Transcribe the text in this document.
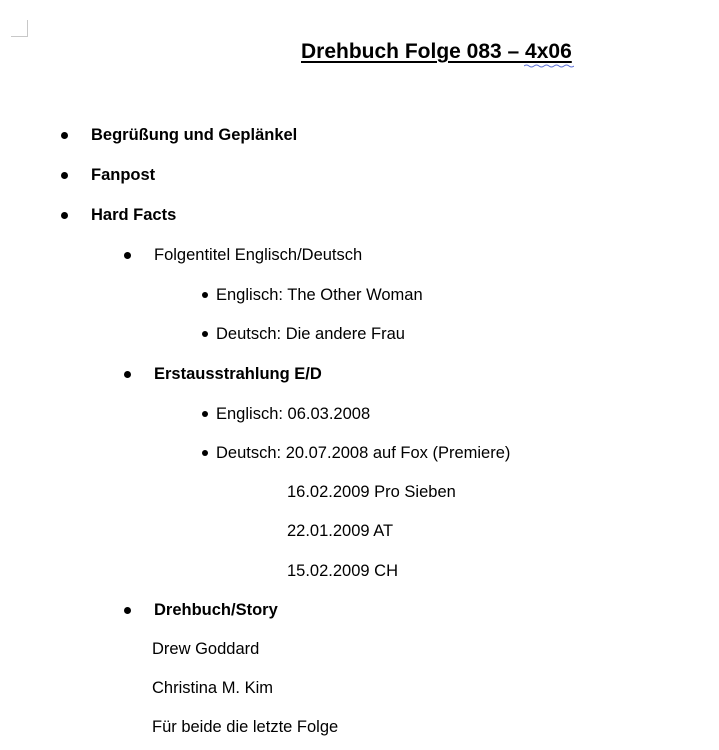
Drehbuch Folge 083 – 4x06
Begrüßung und Geplänkel
Fanpost
Hard Facts
Folgentitel Englisch/Deutsch
Englisch: The Other Woman
Deutsch: Die andere Frau
Erstausstrahlung E/D
Englisch: 06.03.2008
Deutsch: 20.07.2008 auf Fox (Premiere)
16.02.2009 Pro Sieben
22.01.2009 AT
15.02.2009 CH
Drehbuch/Story
Drew Goddard
Christina M. Kim
Für beide die letzte Folge
